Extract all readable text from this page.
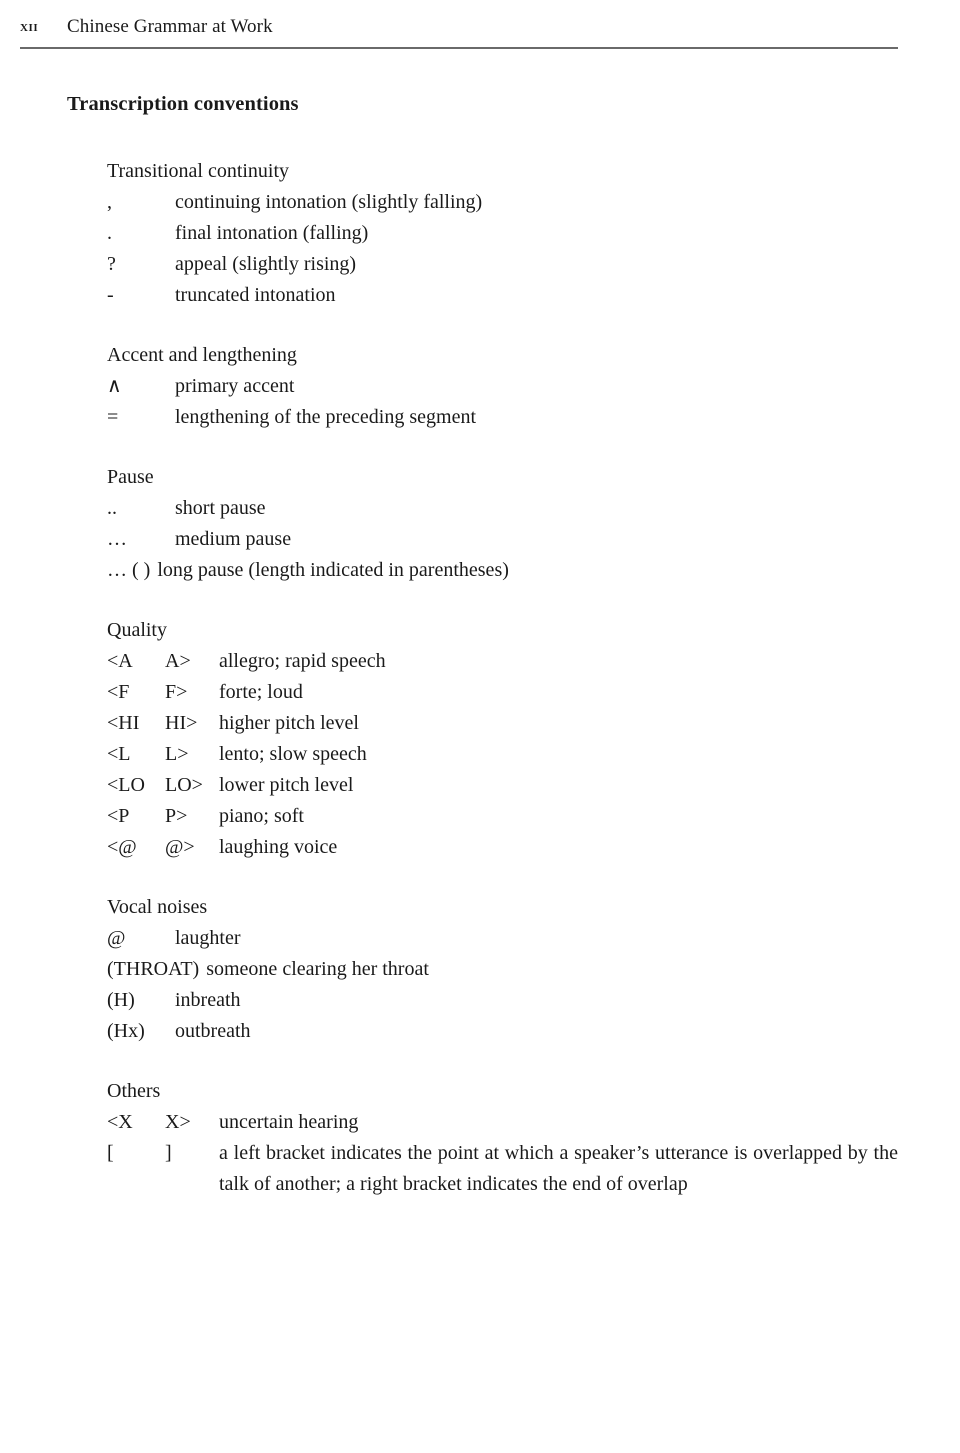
xii Chinese Grammar at Work
Transcription conventions
Transitional continuity
,	continuing intonation (slightly falling)
.	final intonation (falling)
?	appeal (slightly rising)
-	truncated intonation
Accent and lengthening
∧	primary accent
=	lengthening of the preceding segment
Pause
..	short pause
… medium pause
… ( ) long pause (length indicated in parentheses)
Quality
<A A> allegro; rapid speech
<F F> forte; loud
<HI HI> higher pitch level
<L L> lento; slow speech
<LO LO> lower pitch level
<P P> piano; soft
<@ @> laughing voice
Vocal noises
@ laughter
(THROAT) someone clearing her throat
(H) inbreath
(Hx) outbreath
Others
<X X> uncertain hearing
[	]	a left bracket indicates the point at which a speaker’s utterance is overlapped by the talk of another; a right bracket indicates the end of overlap
